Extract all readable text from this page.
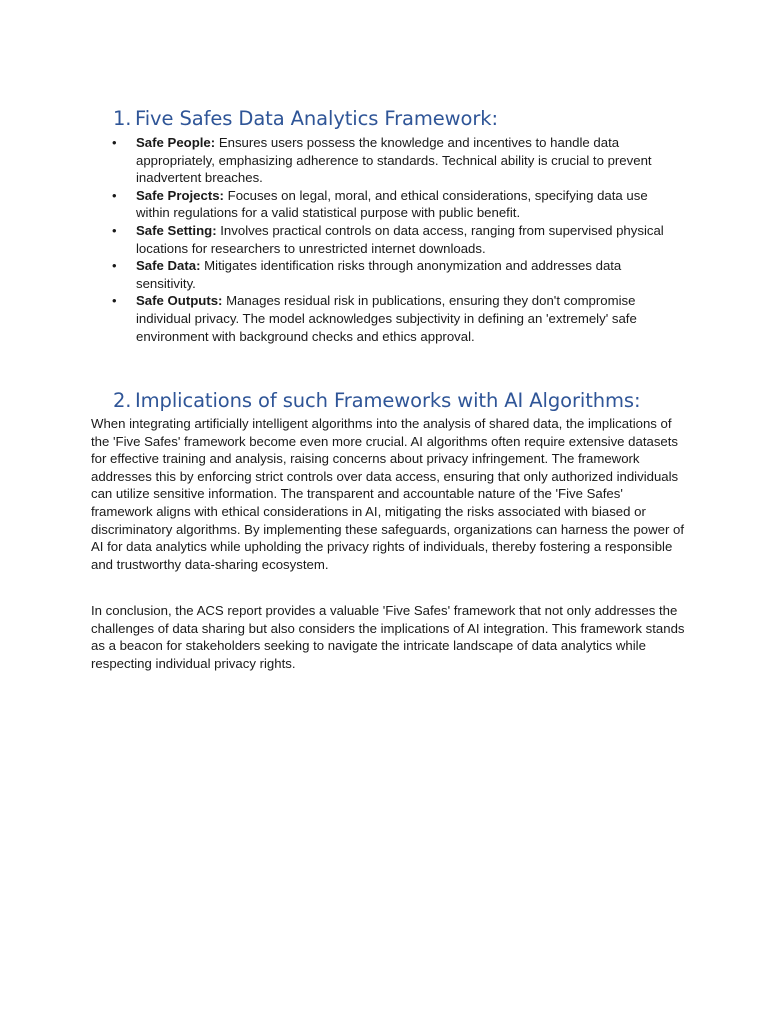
1. Five Safes Data Analytics Framework:
• Safe People: Ensures users possess the knowledge and incentives to handle data appropriately, emphasizing adherence to standards. Technical ability is crucial to prevent inadvertent breaches.
• Safe Projects: Focuses on legal, moral, and ethical considerations, specifying data use within regulations for a valid statistical purpose with public benefit.
• Safe Setting: Involves practical controls on data access, ranging from supervised physical locations for researchers to unrestricted internet downloads.
• Safe Data: Mitigates identification risks through anonymization and addresses data sensitivity.
• Safe Outputs: Manages residual risk in publications, ensuring they don't compromise individual privacy. The model acknowledges subjectivity in defining an 'extremely' safe environment with background checks and ethics approval.
2. Implications of such Frameworks with AI Algorithms:

When integrating artificially intelligent algorithms into the analysis of shared data, the implications of the 'Five Safes' framework become even more crucial. AI algorithms often require extensive datasets for effective training and analysis, raising concerns about privacy infringement. The framework addresses this by enforcing strict controls over data access, ensuring that only authorized individuals can utilize sensitive information. The transparent and accountable nature of the 'Five Safes' framework aligns with ethical considerations in AI, mitigating the risks associated with biased or discriminatory algorithms. By implementing these safeguards, organizations can harness the power of AI for data analytics while upholding the privacy rights of individuals, thereby fostering a responsible and trustworthy data-sharing ecosystem.

In conclusion, the ACS report provides a valuable 'Five Safes' framework that not only addresses the challenges of data sharing but also considers the implications of AI integration. This framework stands as a beacon for stakeholders seeking to navigate the intricate landscape of data analytics while respecting individual privacy rights.
